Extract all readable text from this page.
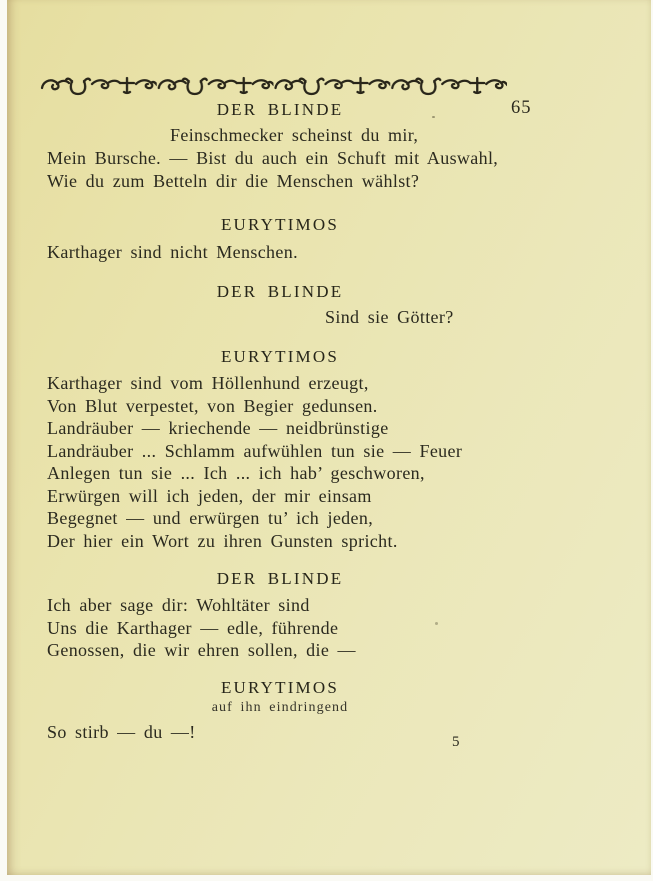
65
DER BLINDE
Feinschmecker scheinst du mir,
Mein Bursche. — Bist du auch ein Schuft mit Auswahl,
Wie du zum Betteln dir die Menschen wählst?
EURYTIMOS
Karthager sind nicht Menschen.
DER BLINDE
Sind sie Götter?
EURYTIMOS
Karthager sind vom Höllenhund erzeugt,
Von Blut verpestet, von Begier gedunsen.
Landräuber — kriechende — neidbrünstige
Landräuber ... Schlamm aufwühlen tun sie — Feuer
Anlegen tun sie ... Ich ... ich hab’ geschworen,
Erwürgen will ich jeden, der mir einsam
Begegnet — und erwürgen tu’ ich jeden,
Der hier ein Wort zu ihren Gunsten spricht.
DER BLINDE
Ich aber sage dir: Wohltäter sind
Uns die Karthager — edle, führende
Genossen, die wir ehren sollen, die —
EURYTIMOS
auf ihn eindringend
So stirb — du —!	5
